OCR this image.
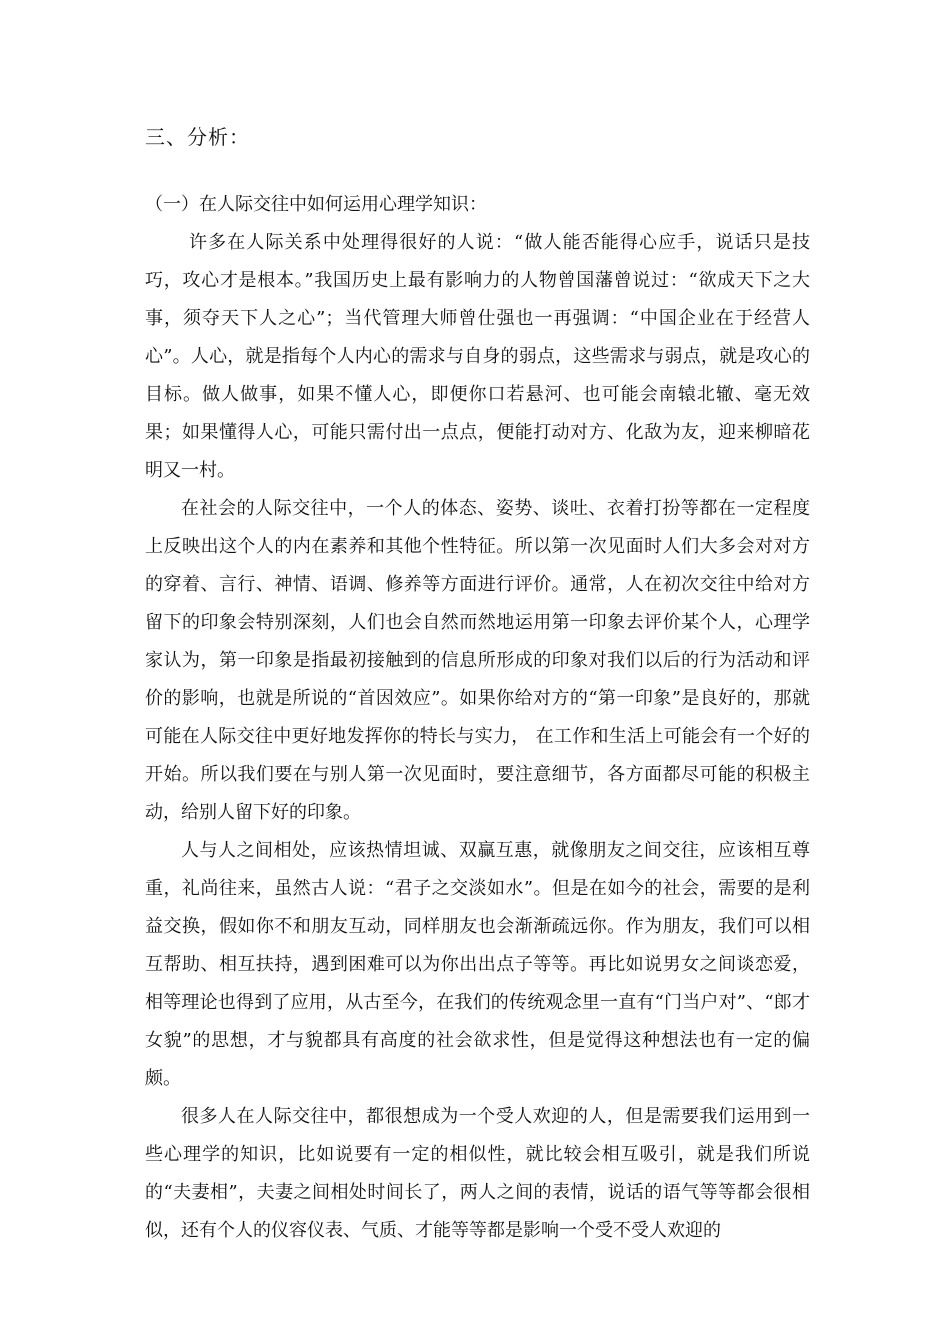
三、分析：
（一）在人际交往中如何运用心理学知识：

许多在人际关系中处理得很好的人说：“做人能否能得心应手，说话只是技巧，攻心才是根本。”我国历史上最有影响力的人物曾国藩曾说过：“欲成天下之大事，须夺天下人之心”；当代管理大师曾仕强也一再强调：“中国企业在于经营人心”。人心，就是指每个人内心的需求与自身的弱点，这些需求与弱点，就是攻心的目标。做人做事，如果不懂人心，即便你口若悬河、也可能会南辕北辙、毫无效果；如果懂得人心，可能只需付出一点点，便能打动对方、化敌为友，迎来柳暗花明又一村。

在社会的人际交往中，一个人的体态、姿势、谈吐、衣着打扮等都在一定程度上反映出这个人的内在素养和其他个性特征。所以第一次见面时人们大多会对对方的穿着、言行、神情、语调、修养等方面进行评价。通常，人在初次交往中给对方留下的印象会特别深刻，人们也会自然而然地运用第一印象去评价某个人，心理学家认为，第一印象是指最初接触到的信息所形成的印象对我们以后的行为活动和评价的影响，也就是所说的“首因效应”。如果你给对方的“第一印象”是良好的，那就可能在人际交往中更好地发挥你的特长与实力， 在工作和生活上可能会有一个好的开始。所以我们要在与别人第一次见面时，要注意细节，各方面都尽可能的积极主动，给别人留下好的印象。

人与人之间相处，应该热情坦诚、双赢互惠，就像朋友之间交往，应该相互尊重，礼尚往来，虽然古人说：“君子之交淡如水”。但是在如今的社会，需要的是利益交换，假如你不和朋友互动，同样朋友也会渐渐疏远你。作为朋友，我们可以相互帮助、相互扶持，遇到困难可以为你出出点子等等。再比如说男女之间谈恋爱，相等理论也得到了应用，从古至今，在我们的传统观念里一直有“门当户对”、“郎才女貌”的思想，才与貌都具有高度的社会欲求性，但是觉得这种想法也有一定的偏颇。

很多人在人际交往中，都很想成为一个受人欢迎的人，但是需要我们运用到一些心理学的知识，比如说要有一定的相似性，就比较会相互吸引，就是我们所说的“夫妻相”，夫妻之间相处时间长了，两人之间的表情，说话的语气等等都会很相似，还有个人的仪容仪表、气质、才能等等都是影响一个受不受人欢迎的
